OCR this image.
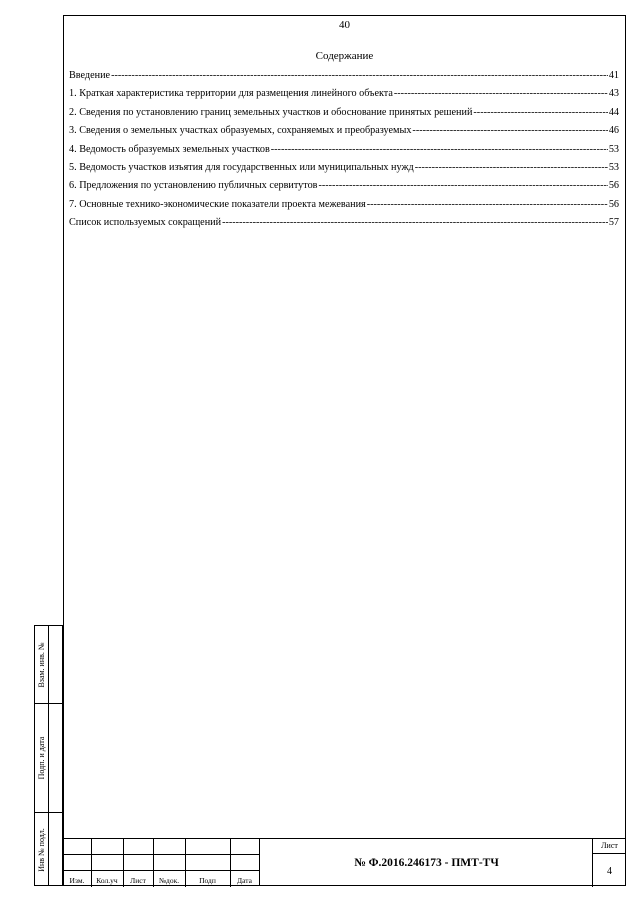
40
Содержание
Введение -----	41
1. Краткая характеристика территории для размещения линейного объекта -----	43
2. Сведения по установлению границ земельных участков и обоснование принятых решений -----	44
3. Сведения о земельных участках образуемых, сохраняемых и преобразуемых -----	46
4. Ведомость образуемых земельных участков -----	53
5. Ведомость участков изъятия для государственных или муниципальных нужд -----	53
6. Предложения по установлению публичных сервитутов -----	56
7. Основные технико-экономические показатели проекта межевания -----	56
Список используемых сокращений -----	57
Взам. инв. №
Подп. и дата
Инв № подл.
Изм.	Кол.уч	Лист	№док.	Подп	Дата
№ Ф.2016.246173 - ПМТ-ТЧ
Лист
4
